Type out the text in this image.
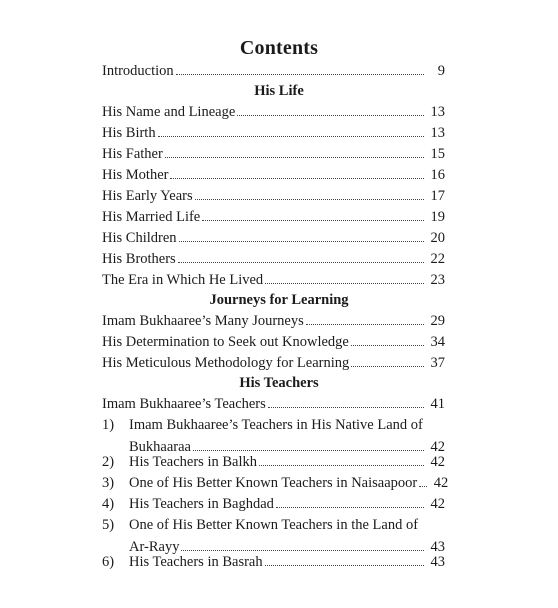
Contents
Introduction	9
His Life
His Name and Lineage	13
His Birth	13
His Father	15
His Mother	16
His Early Years	17
His Married Life	19
His Children	20
His Brothers	22
The Era in Which He Lived	23
Journeys for Learning
Imam Bukhaaree’s Many Journeys	29
His Determination to Seek out Knowledge	34
His Meticulous Methodology for Learning	37
His Teachers
Imam Bukhaaree’s Teachers	41
1)	Imam Bukhaaree’s Teachers in His Native Land of
Bukhaaraa	42
2)	His Teachers in Balkh	42
3)	One of His Better Known Teachers in Naisaapoor 42
4)	His Teachers in Baghdad	42
5)	One of His Better Known Teachers in the Land of
Ar-Rayy	43
6)	His Teachers in Basrah	43
